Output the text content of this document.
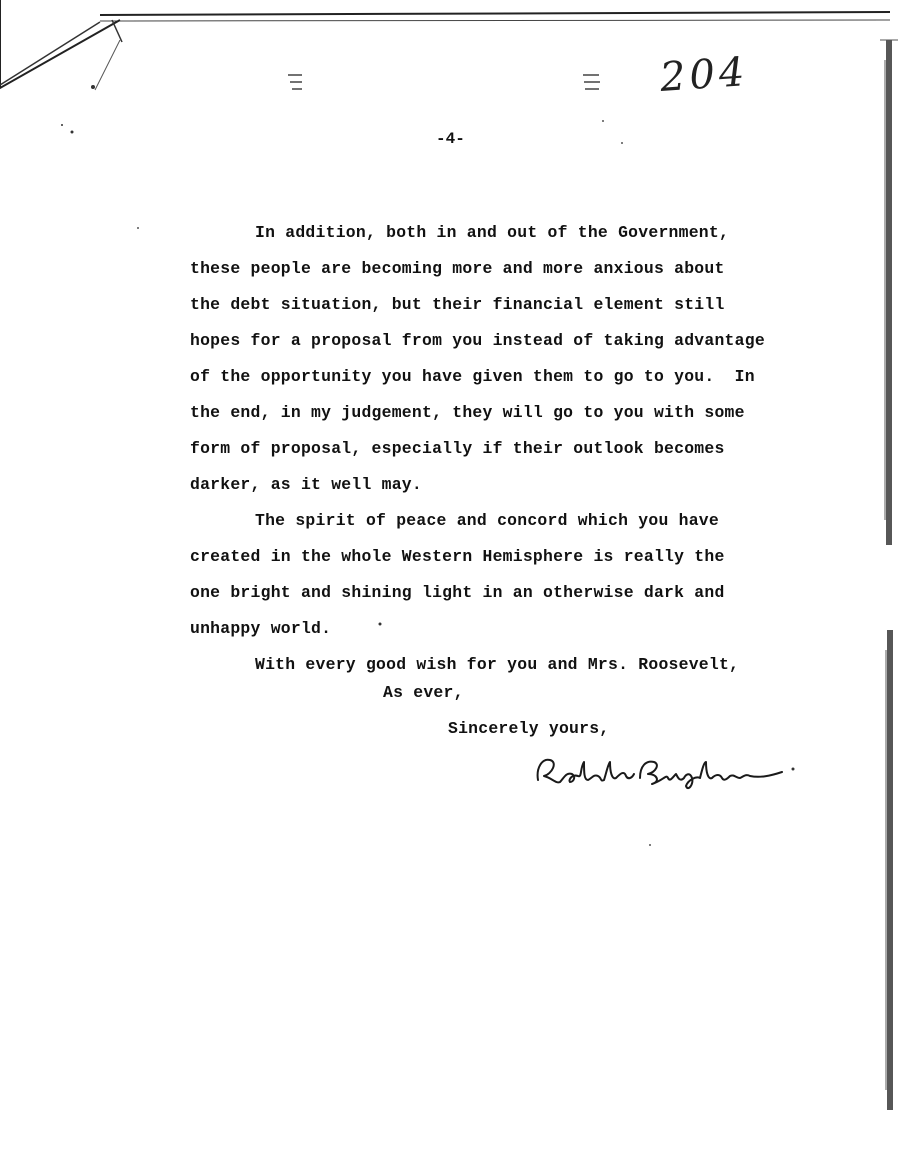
204
-4-
In addition, both in and out of the Government,
these people are becoming more and more anxious about
the debt situation, but their financial element still
hopes for a proposal from you instead of taking advantage
of the opportunity you have given them to go to you.  In
the end, in my judgement, they will go to you with some
form of proposal, especially if their outlook becomes
darker, as it well may.
The spirit of peace and concord which you have
created in the whole Western Hemisphere is really the
one bright and shining light in an otherwise dark and
unhappy world.
With every good wish for you and Mrs. Roosevelt,
As ever,
Sincerely yours,
